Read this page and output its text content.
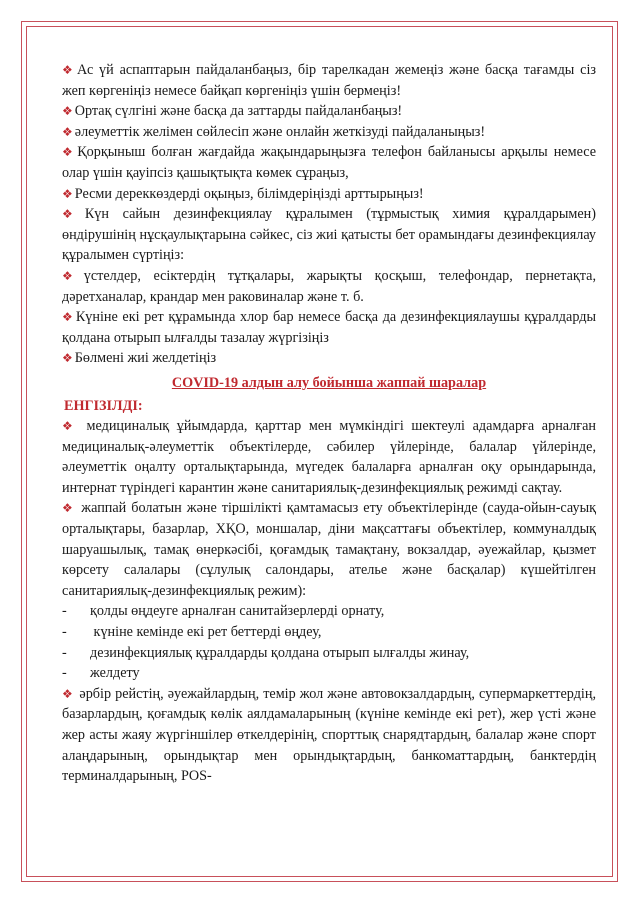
❖ Ас үй аспаптарын пайдаланбаңыз, бір тарелкадан жемеңіз және басқа тағамды сіз жеп көргеніңіз немесе байқап көргеніңіз үшін бермеңіз!

❖ Ортақ сүлгіні және басқа да заттарды пайдаланбаңыз!

❖ әлеуметтік желімен сөйлесіп және онлайн жеткізуді пайдаланыңыз!

❖ Қорқыныш болған жағдайда жақындарыңызға телефон байланысы арқылы немесе олар үшін қауіпсіз қашықтықта көмек сұраңыз,

❖ Ресми дереккөздерді оқыңыз, білімдеріңізді арттырыңыз!

❖ Күн сайын дезинфекциялау құралымен (тұрмыстық химия құралдарымен) өндірушінің нұсқаулықтарына сәйкес, сіз жиі қатысты бет орамындағы дезинфекциялау құралымен сүртіңіз:

❖ үстелдер, есіктердің тұтқалары, жарықты қосқыш, телефондар, пернетақта, дәретханалар, крандар мен раковиналар және т. б.

❖ Күніне екі рет құрамында хлор бар немесе басқа да дезинфекциялаушы құралдарды қолдана отырып ылғалды тазалау жүргізіңіз

❖ Бөлмені жиі желдетіңіз

COVID-19 алдын алу бойынша жаппай шаралар

ЕНГІЗІЛДІ:

❖ медициналық ұйымдарда, қарттар мен мүмкіндігі шектеулі адамдарға арналған медициналық-әлеуметтік объектілерде, сәбилер үйлерінде, балалар үйлерінде, әлеуметтік оңалту орталықтарында, мүгедек балаларға арналған оқу орындарында, интернат түріндегі карантин және санитариялық-дезинфекциялық режимді сақтау.

❖ жаппай болатын және тіршілікті қамтамасыз ету объектілерінде (сауда-ойын-сауық орталықтары, базарлар, ХҚО, моншалар, діни мақсаттағы объектілер, коммуналдық шаруашылық, тамақ өнеркәсібі, қоғамдық тамақтану, вокзалдар, әуежайлар, қызмет көрсету салалары (сұлулық салондары, ателье және басқалар) күшейтілген санитариялық-дезинфекциялық режим):

- қолды өңдеуге арналған санитайзерлерді орнату,

- күніне кемінде екі рет беттерді өңдеу,

- дезинфекциялық құралдарды қолдана отырып ылғалды жинау,

- желдету

❖ әрбір рейстің, әуежайлардың, темір жол және автовокзалдардың, супермаркеттердің, базарлардың, қоғамдық көлік аялдамаларының (күніне кемінде екі рет), жер үсті және жер асты жаяу жүргіншілер өткелдерінің, спорттық снарядтардың, балалар және спорт алаңдарының, орындықтар мен орындықтардың, банкоматтардың, банктердің терминалдарының, POS-
